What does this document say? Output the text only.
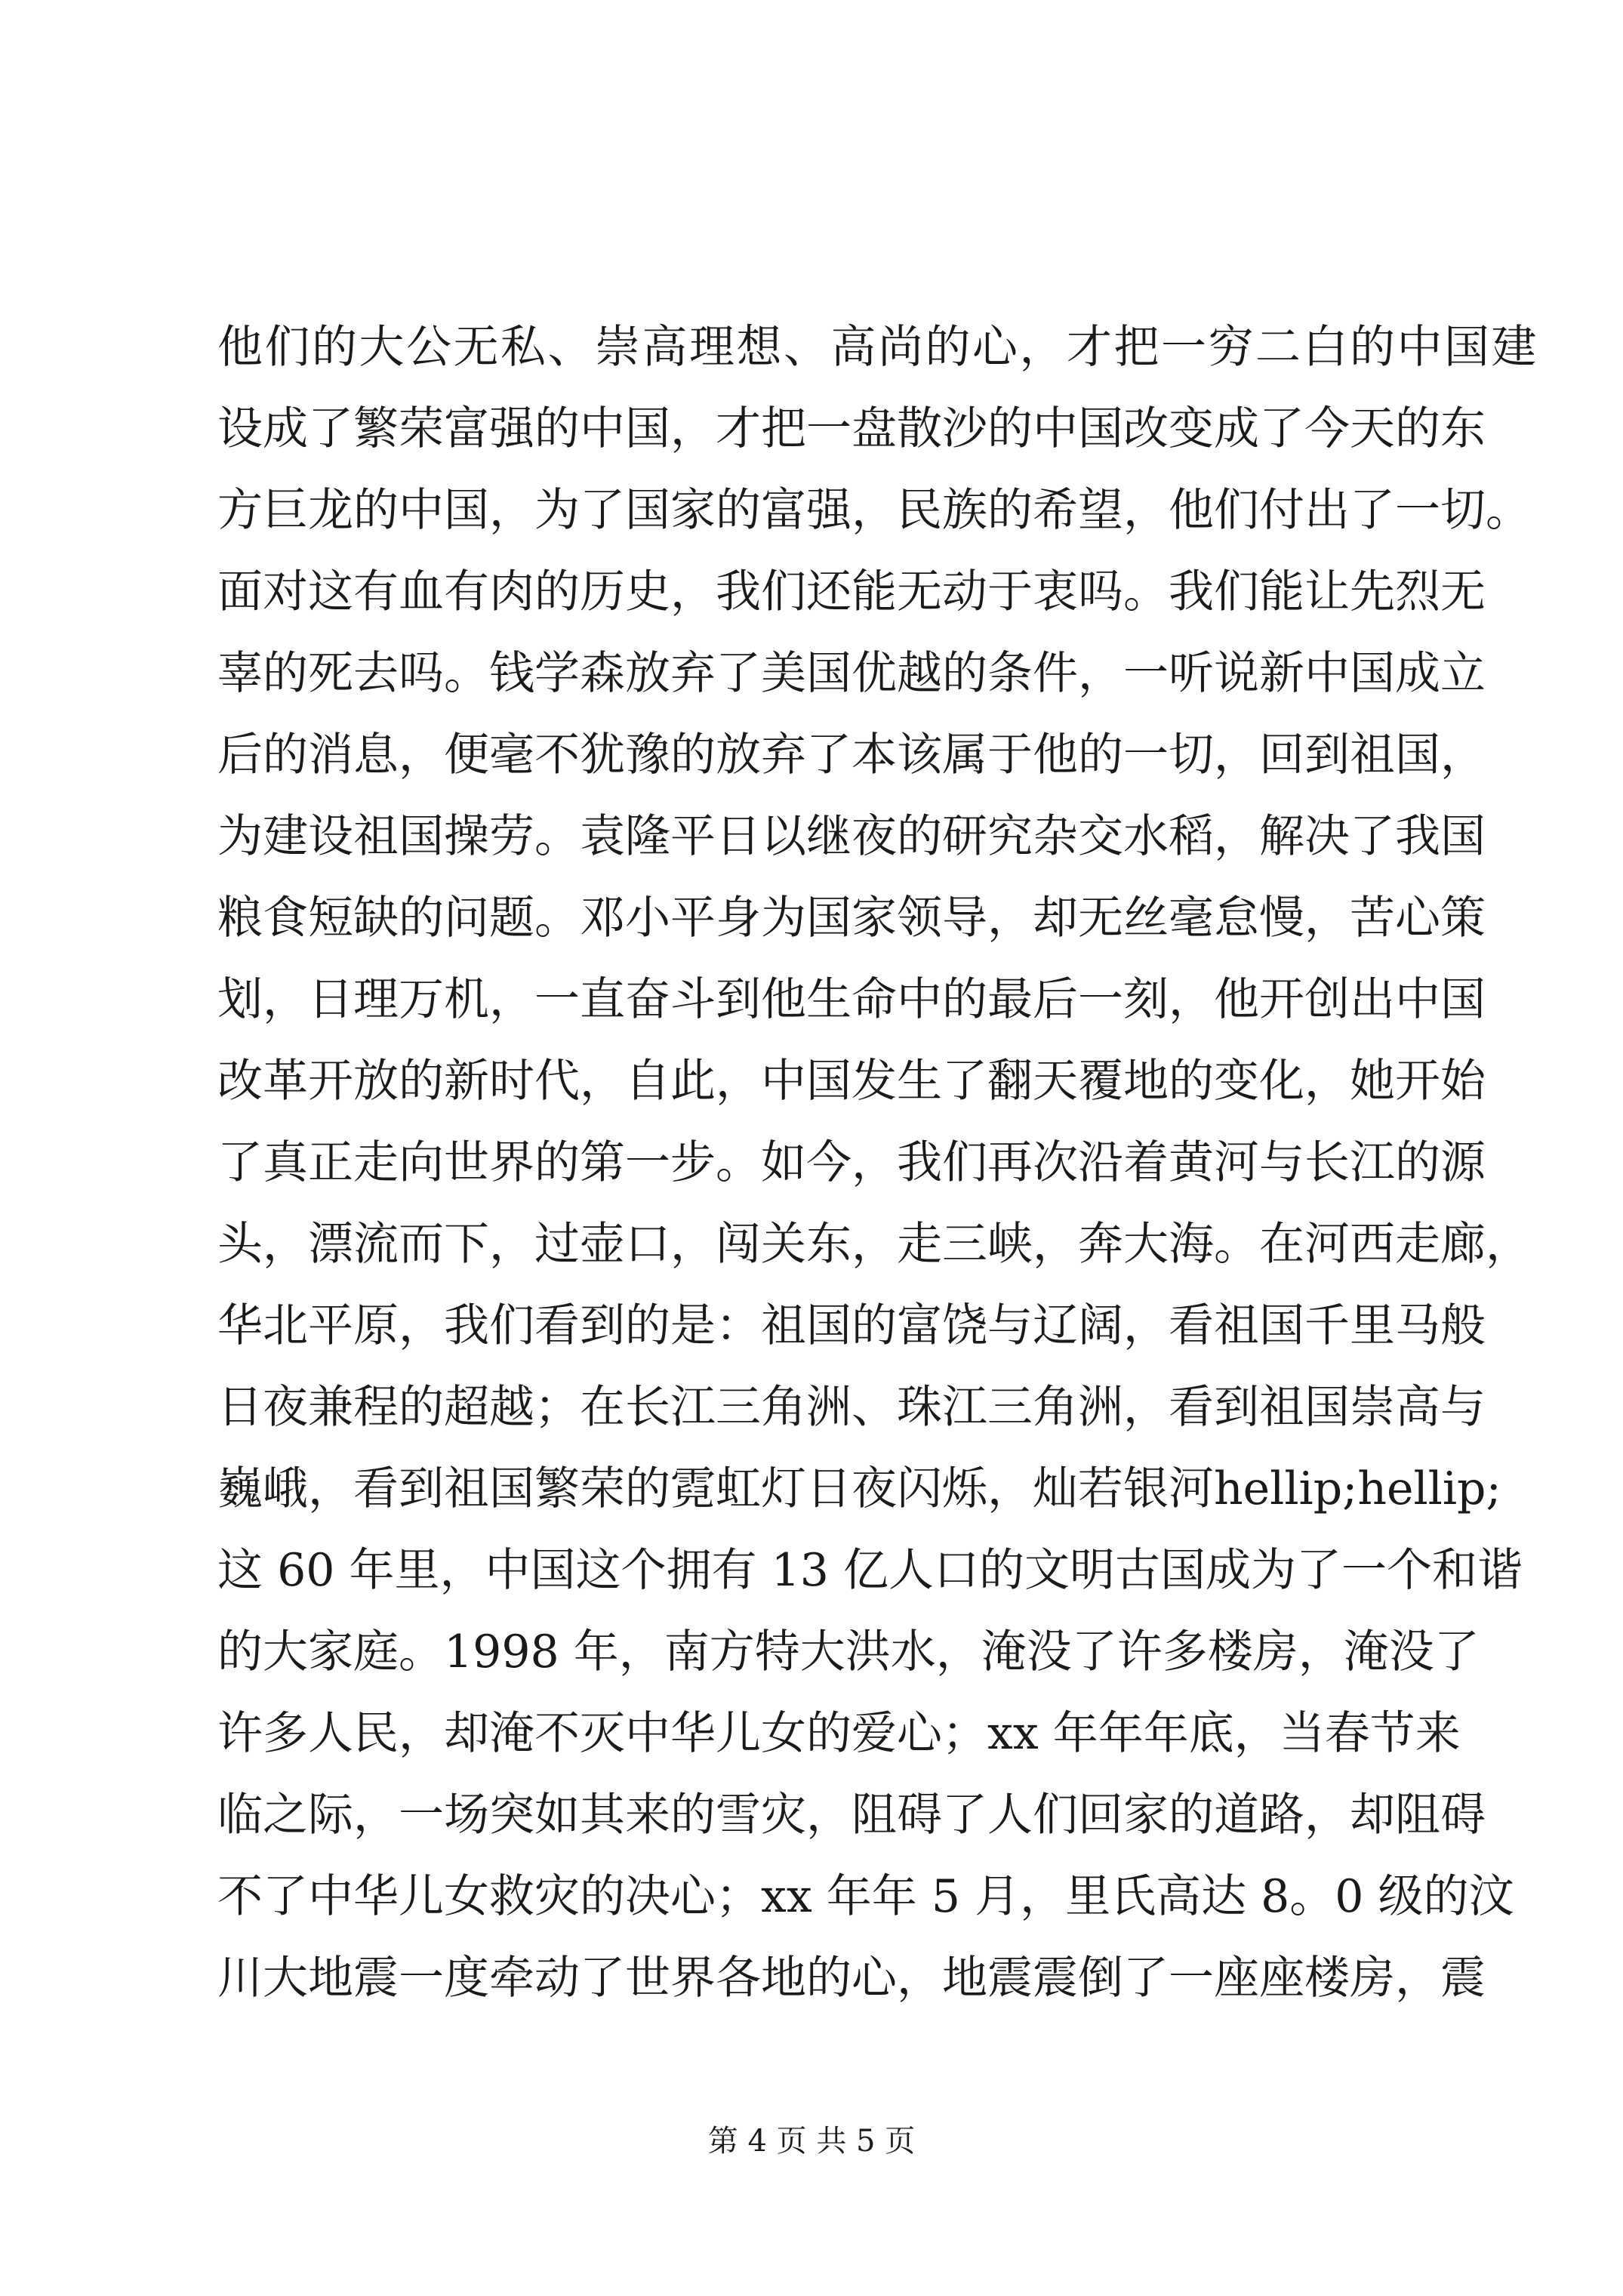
他们的大公无私、崇高理想、高尚的心，才把一穷二白的中国建
设成了繁荣富强的中国，才把一盘散沙的中国改变成了今天的东
方巨龙的中国，为了国家的富强，民族的希望，他们付出了一切。
面对这有血有肉的历史，我们还能无动于衷吗。我们能让先烈无
辜的死去吗。钱学森放弃了美国优越的条件，一听说新中国成立
后的消息，便毫不犹豫的放弃了本该属于他的一切，回到祖国，
为建设祖国操劳。袁隆平日以继夜的研究杂交水稻，解决了我国
粮食短缺的问题。邓小平身为国家领导，却无丝毫怠慢，苦心策
划，日理万机，一直奋斗到他生命中的最后一刻，他开创出中国
改革开放的新时代，自此，中国发生了翻天覆地的变化，她开始
了真正走向世界的第一步。如今，我们再次沿着黄河与长江的源
头，漂流而下，过壶口，闯关东，走三峡，奔大海。在河西走廊，
华北平原，我们看到的是：祖国的富饶与辽阔，看祖国千里马般
日夜兼程的超越；在长江三角洲、珠江三角洲，看到祖国崇高与
巍峨，看到祖国繁荣的霓虹灯日夜闪烁，灿若银河hellip;hellip;
这 60 年里，中国这个拥有 13 亿人口的文明古国成为了一个和谐
的大家庭。1998 年，南方特大洪水，淹没了许多楼房，淹没了
许多人民，却淹不灭中华儿女的爱心；xx 年年年底，当春节来
临之际，一场突如其来的雪灾，阻碍了人们回家的道路，却阻碍
不了中华儿女救灾的决心；xx 年年 5 月，里氏高达 8。0 级的汶
川大地震一度牵动了世界各地的心，地震震倒了一座座楼房，震
第 4 页 共 5 页
